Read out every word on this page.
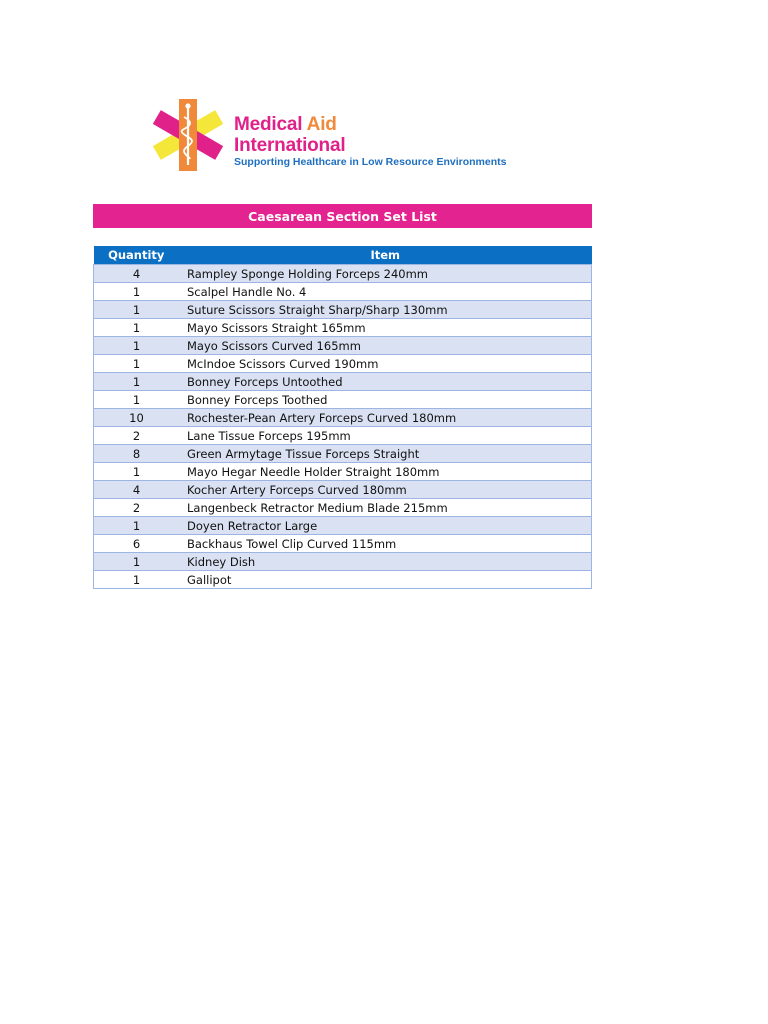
Medical Aid
International
Supporting Healthcare in Low Resource Environments
Caesarean Section Set List
Quantity	Item
4	Rampley Sponge Holding Forceps 240mm
1	Scalpel Handle No. 4
1	Suture Scissors Straight Sharp/Sharp 130mm
1	Mayo Scissors Straight 165mm
1	Mayo Scissors Curved 165mm
1	McIndoe Scissors Curved 190mm
1	Bonney Forceps Untoothed
1	Bonney Forceps Toothed
10	Rochester-Pean Artery Forceps Curved 180mm
2	Lane Tissue Forceps 195mm
8	Green Armytage Tissue Forceps Straight
1	Mayo Hegar Needle Holder Straight 180mm
4	Kocher Artery Forceps Curved 180mm
2	Langenbeck Retractor Medium Blade 215mm
1	Doyen Retractor Large
6	Backhaus Towel Clip Curved 115mm
1	Kidney Dish
1	Gallipot
